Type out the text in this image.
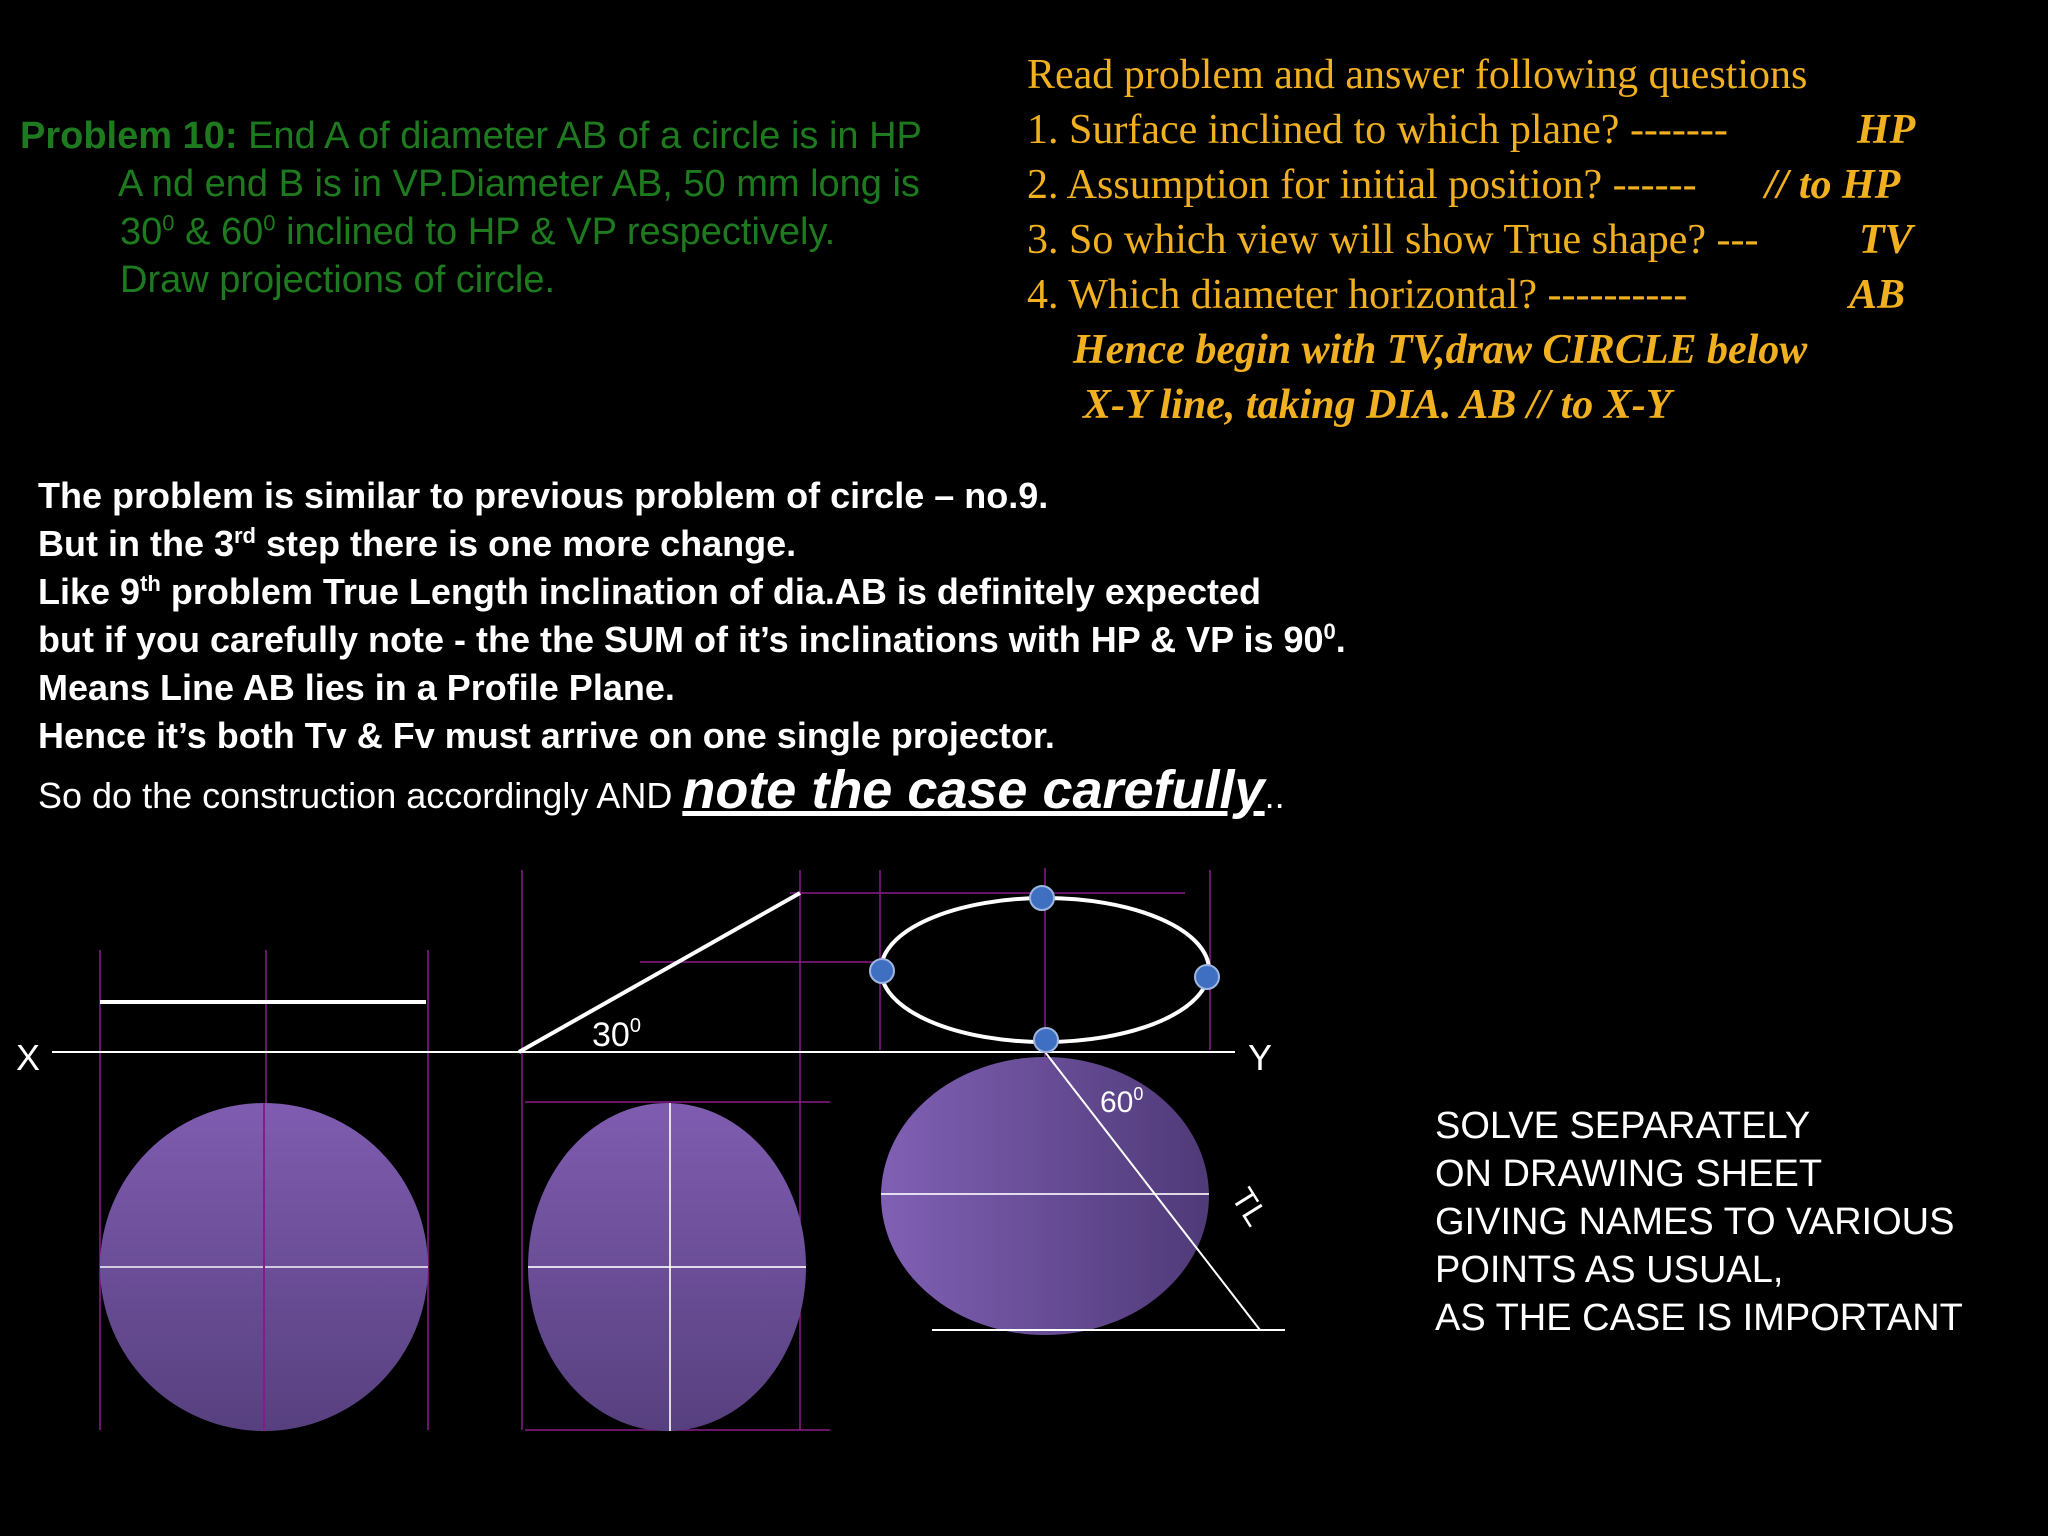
Problem 10: End A of diameter AB of a circle is in HP
A nd end B is in VP.Diameter AB, 50 mm long is
$30^0$ & $60^0$ inclined to HP & VP respectively.
Draw projections of circle.
Read problem and answer following questions
1. Surface inclined to which plane? -------	HP
2. Assumption for initial position? ------ // to HP
3. So which view will show True shape? --- TV
4. Which diameter horizontal? ----------	AB
Hence begin with TV,draw CIRCLE below
X-Y line, taking DIA. AB // to X-Y
The problem is similar to previous problem of circle – no.9.
But in the 3rd step there is one more change.
Like 9th problem True Length inclination of dia.AB is definitely expected
but if you carefully note - the the SUM of it’s inclinations with HP & VP is $90^0$.
Means Line AB lies in a Profile Plane.
Hence it’s both Tv & Fv must arrive on one single projector.
So do the construction accordingly AND note the case carefully..
X	Y
$30^0$
$60^0$
TL
SOLVE SEPARATELY
ON DRAWING SHEET
GIVING NAMES TO VARIOUS
POINTS AS USUAL,
AS THE CASE IS IMPORTANT
